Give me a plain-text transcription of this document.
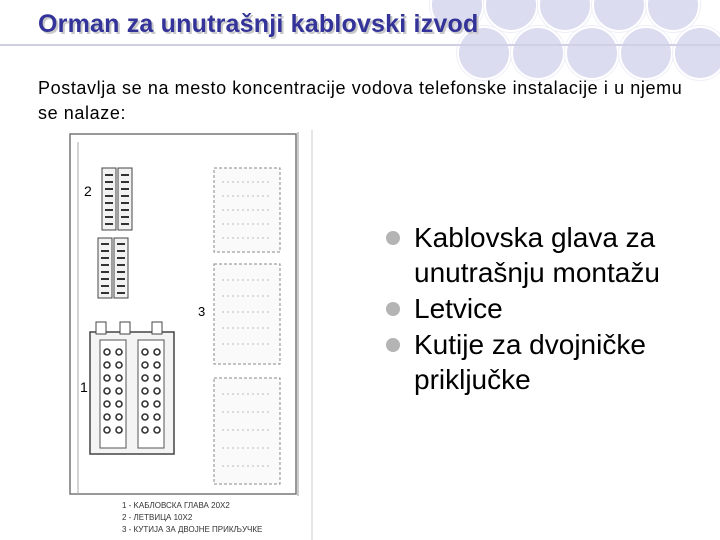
Orman za unutrašnji kablovski izvod
Postavlja se na mesto koncentracije vodova telefonske instalacije i u njemu se nalaze:
2
3
1
1 - KАБЛОВСКА ГЛАВА 20X2
2 - ЛЕТВИЦА 10X2
3 - КУТИЈА ЗА ДВОЈНЕ ПРИКЉУЧКЕ
Kablovska glava za unutrašnju montažu
Letvice
Kutije za dvojničke priključke
